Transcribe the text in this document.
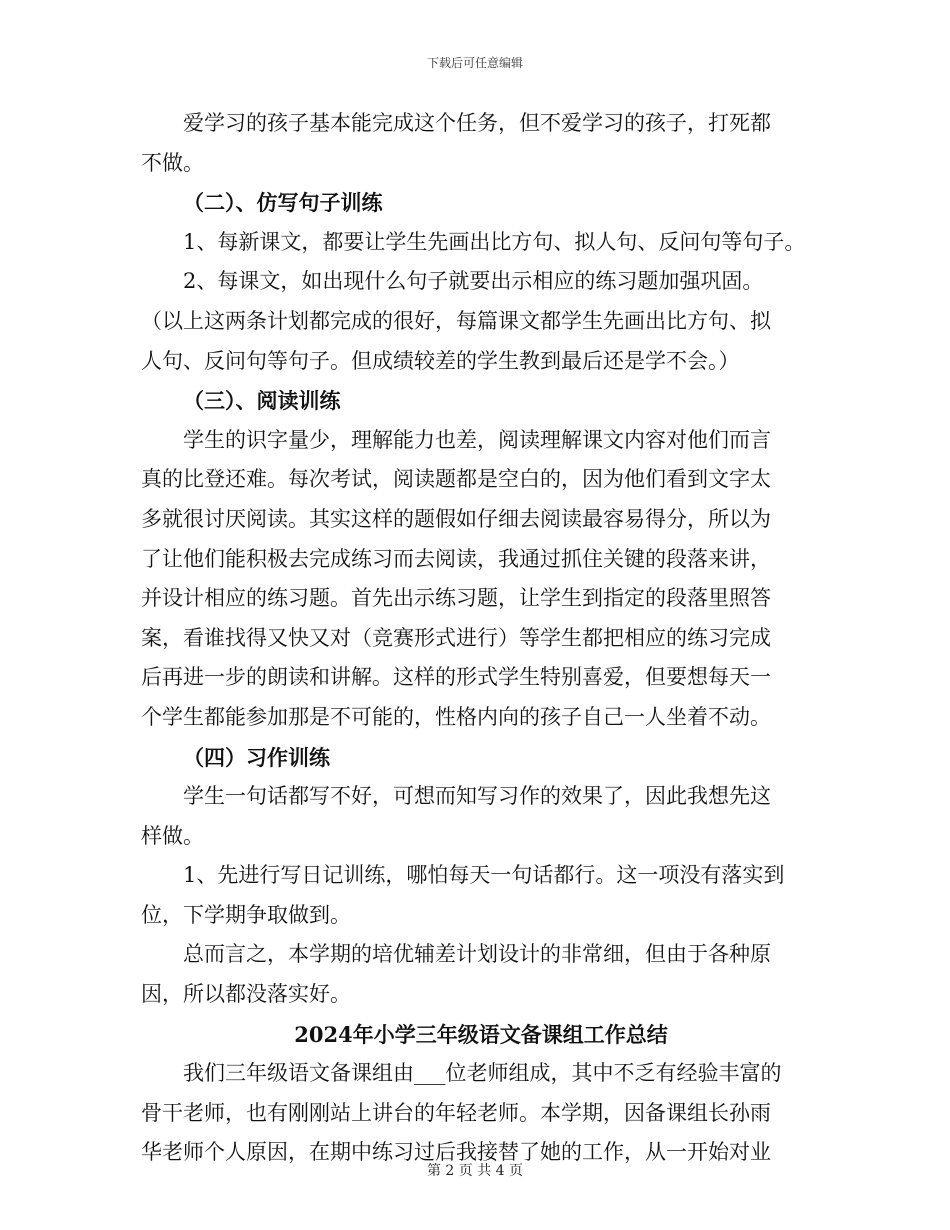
下载后可任意编辑

爱学习的孩子基本能完成这个任务，但不爱学习的孩子，打死都

不做。

（二）、仿写句子训练

1、每新课文，都要让学生先画出比方句、拟人句、反问句等句子。

2、每课文，如出现什么句子就要出示相应的练习题加强巩固。

（以上这两条计划都完成的很好，每篇课文都学生先画出比方句、拟

人句、反问句等句子。但成绩较差的学生教到最后还是学不会。）

（三）、阅读训练

学生的识字量少，理解能力也差，阅读理解课文内容对他们而言

真的比登还难。每次考试，阅读题都是空白的，因为他们看到文字太

多就很讨厌阅读。其实这样的题假如仔细去阅读最容易得分，所以为

了让他们能积极去完成练习而去阅读，我通过抓住关键的段落来讲，

并设计相应的练习题。首先出示练习题，让学生到指定的段落里照答

案，看谁找得又快又对（竞赛形式进行）等学生都把相应的练习完成

后再进一步的朗读和讲解。这样的形式学生特别喜爱，但要想每天一

个学生都能参加那是不可能的，性格内向的孩子自己一人坐着不动。

（四）习作训练

学生一句话都写不好，可想而知写习作的效果了，因此我想先这

样做。

1、先进行写日记训练，哪怕每天一句话都行。这一项没有落实到

位，下学期争取做到。

总而言之，本学期的培优辅差计划设计的非常细，但由于各种原

因，所以都没落实好。

2024年小学三年级语文备课组工作总结

我们三年级语文备课组由___位老师组成，其中不乏有经验丰富的

骨干老师，也有刚刚站上讲台的年轻老师。本学期，因备课组长孙雨

华老师个人原因，在期中练习过后我接替了她的工作，从一开始对业

第 2 页 共 4 页
